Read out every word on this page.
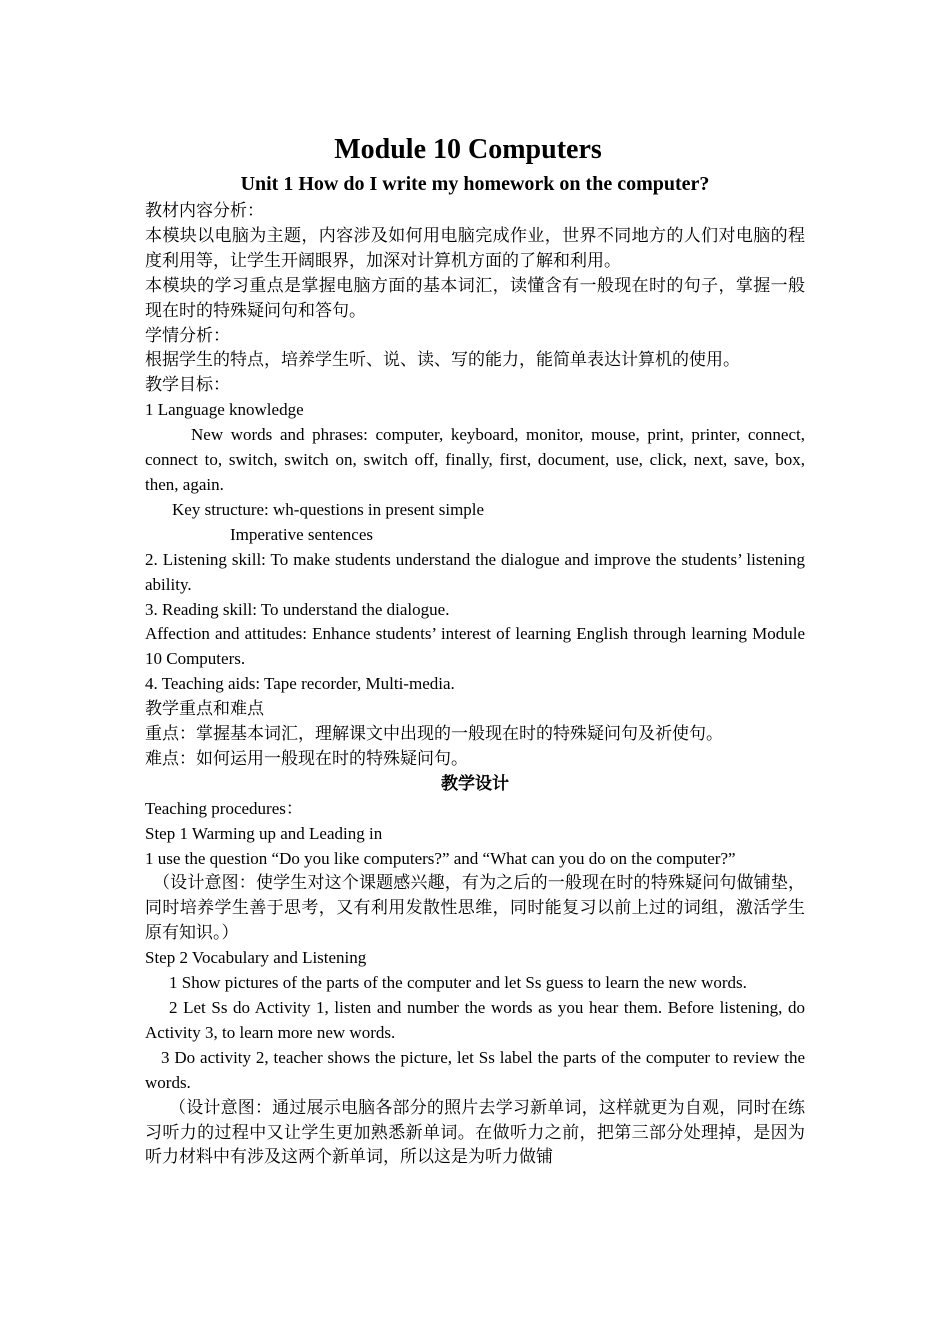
Module 10 Computers
Unit 1 How do I write my homework on the computer?

教材内容分析：

本模块以电脑为主题，内容涉及如何用电脑完成作业，世界不同地方的人们对电脑的程度利用等，让学生开阔眼界，加深对计算机方面的了解和利用。

本模块的学习重点是掌握电脑方面的基本词汇，读懂含有一般现在时的句子，掌握一般现在时的特殊疑问句和答句。

学情分析：

根据学生的特点，培养学生听、说、读、写的能力，能简单表达计算机的使用。

教学目标：

1 Language knowledge

New words and phrases: computer, keyboard, monitor, mouse, print, printer, connect, connect to, switch, switch on, switch off, finally, first, document, use, click, next, save, box, then, again.

Key structure: wh-questions in present simple

Imperative sentences

2. Listening skill: To make students understand the dialogue and improve the students’ listening ability.

3. Reading skill: To understand the dialogue.

Affection and attitudes: Enhance students’ interest of learning English through learning Module 10 Computers.

4. Teaching aids: Tape recorder, Multi-media.

教学重点和难点

重点：掌握基本词汇，理解课文中出现的一般现在时的特殊疑问句及祈使句。

难点：如何运用一般现在时的特殊疑问句。

教学设计

Teaching procedures：

Step 1 Warming up and Leading in

1 use the question “Do you like computers?” and “What can you do on the computer?”

（设计意图：使学生对这个课题感兴趣，有为之后的一般现在时的特殊疑问句做铺垫，同时培养学生善于思考，又有利用发散性思维，同时能复习以前上过的词组，激活学生原有知识。）

Step 2 Vocabulary and Listening

1 Show pictures of the parts of the computer and let Ss guess to learn the new words.

2 Let Ss do Activity 1, listen and number the words as you hear them. Before listening, do Activity 3, to learn more new words.

3 Do activity 2, teacher shows the picture, let Ss label the parts of the computer to review the words.

（设计意图：通过展示电脑各部分的照片去学习新单词，这样就更为自观，同时在练习听力的过程中又让学生更加熟悉新单词。在做听力之前，把第三部分处理掉，是因为听力材料中有涉及这两个新单词，所以这是为听力做铺
